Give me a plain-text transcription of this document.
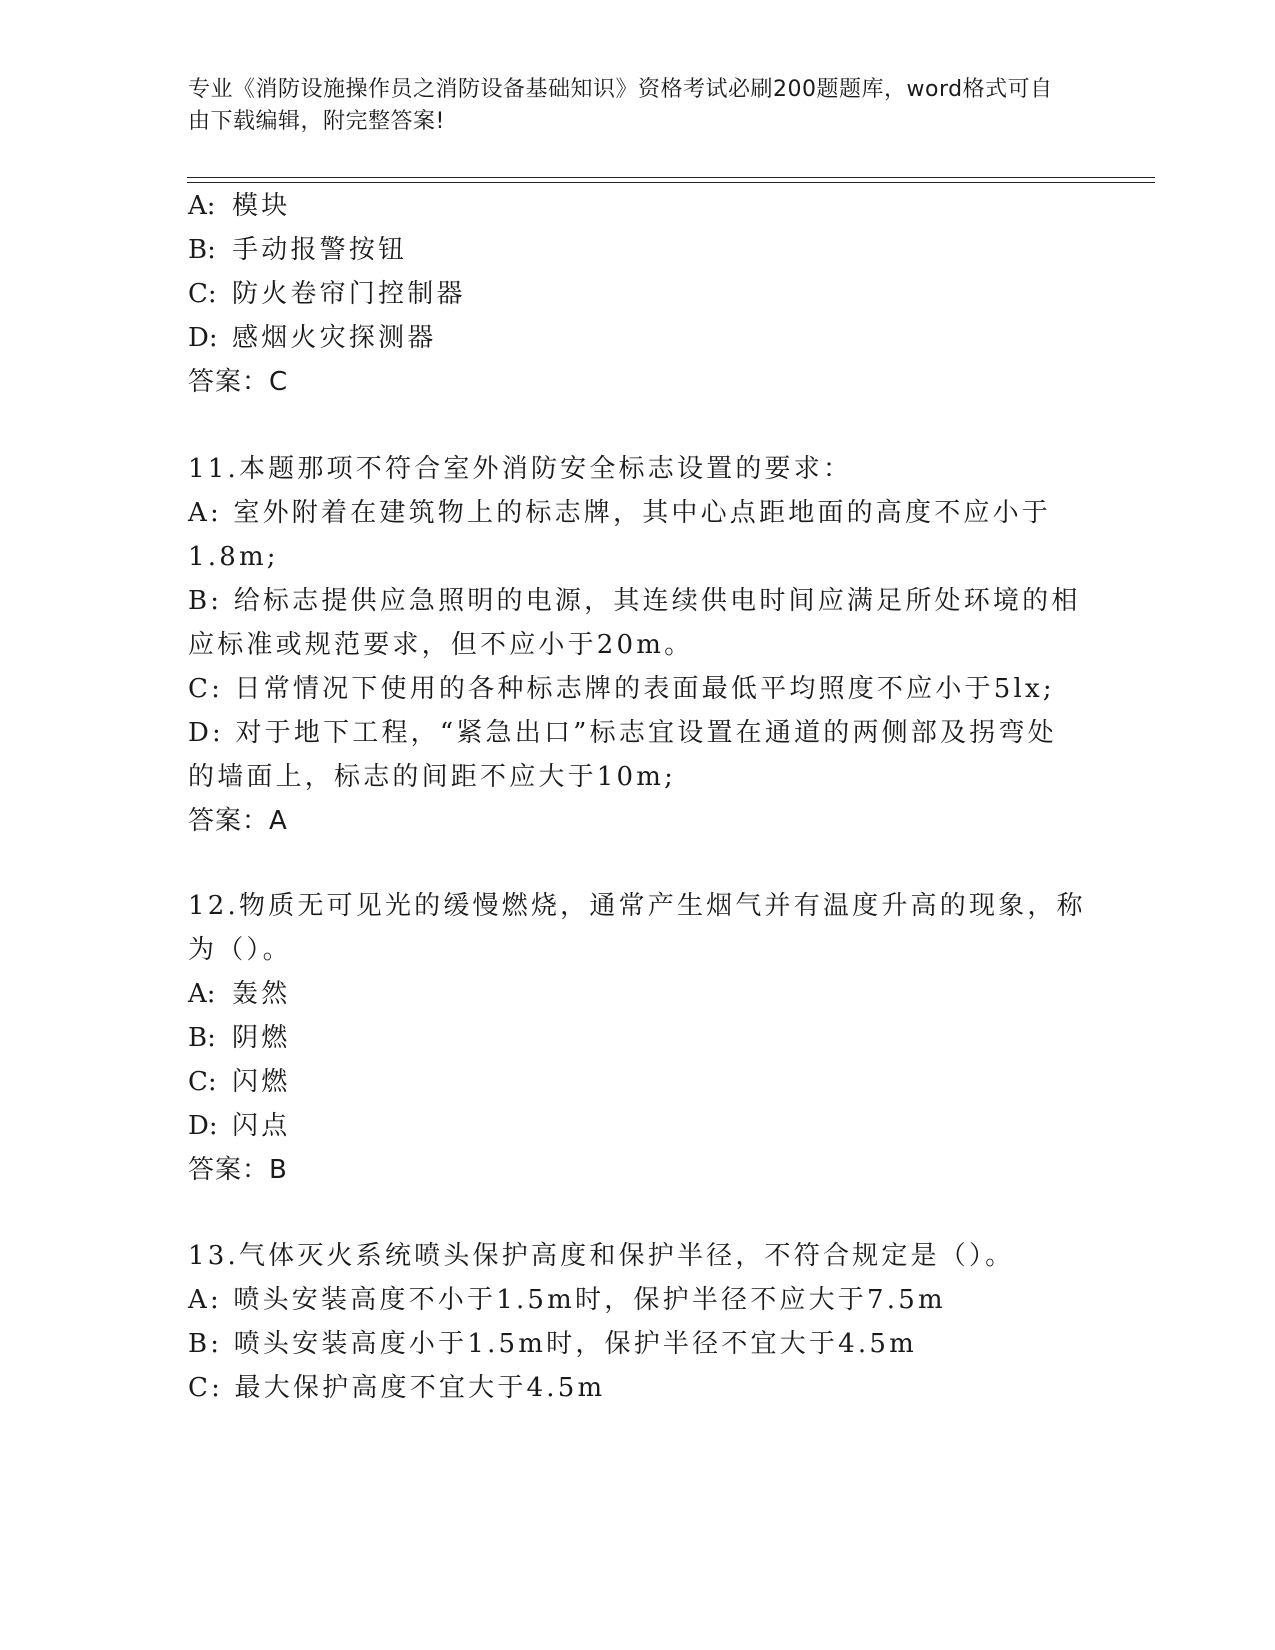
专业《消防设施操作员之消防设备基础知识》资格考试必刷200题题库，word格式可自由下载编辑，附完整答案!

A: 模块

B: 手动报警按钮

C: 防火卷帘门控制器

D: 感烟火灾探测器

答案：C

11.本题那项不符合室外消防安全标志设置的要求：

A: 室外附着在建筑物上的标志牌，其中心点距地面的高度不应小于

1.8m;

B: 给标志提供应急照明的电源，其连续供电时间应满足所处环境的相

应标准或规范要求，但不应小于20m。

C: 日常情况下使用的各种标志牌的表面最低平均照度不应小于5lx;

D: 对于地下工程，“紧急出口”标志宜设置在通道的两侧部及拐弯处

的墙面上，标志的间距不应大于10m;

答案：A

12.物质无可见光的缓慢燃烧，通常产生烟气并有温度升高的现象，称

为（）。

A: 轰然

B: 阴燃

C: 闪燃

D: 闪点

答案：B

13.气体灭火系统喷头保护高度和保护半径，不符合规定是（）。

A: 喷头安装高度不小于1.5m时，保护半径不应大于7.5m

B: 喷头安装高度小于1.5m时，保护半径不宜大于4.5m

C: 最大保护高度不宜大于4.5m
